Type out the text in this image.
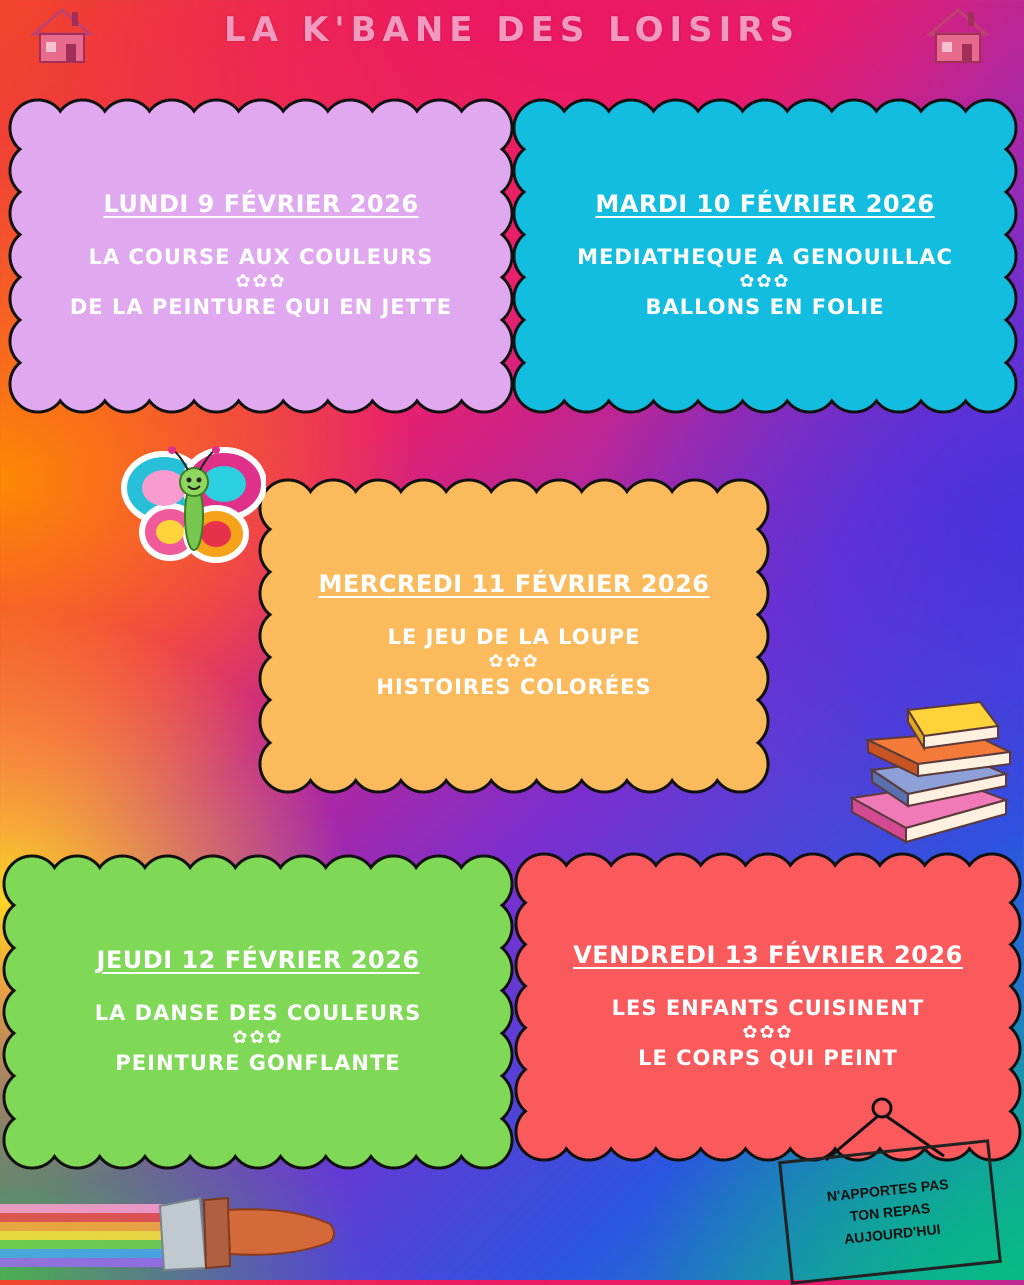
LA K'BANE DES LOISIRS
LUNDI 9 FÉVRIER 2026
LA COURSE AUX COULEURS
✿✿✿
DE LA PEINTURE QUI EN JETTE
MARDI 10 FÉVRIER 2026
MEDIATHEQUE A GENOUILLAC
✿✿✿
BALLONS EN FOLIE
MERCREDI 11 FÉVRIER 2026
LE JEU DE LA LOUPE
✿✿✿
HISTOIRES COLORÉES
JEUDI 12 FÉVRIER 2026
LA DANSE DES COULEURS
✿✿✿
PEINTURE GONFLANTE
VENDREDI 13 FÉVRIER 2026
LES ENFANTS CUISINENT
✿✿✿
LE CORPS QUI PEINT
N'APPORTES PAS
TON REPAS
AUJOURD'HUI
